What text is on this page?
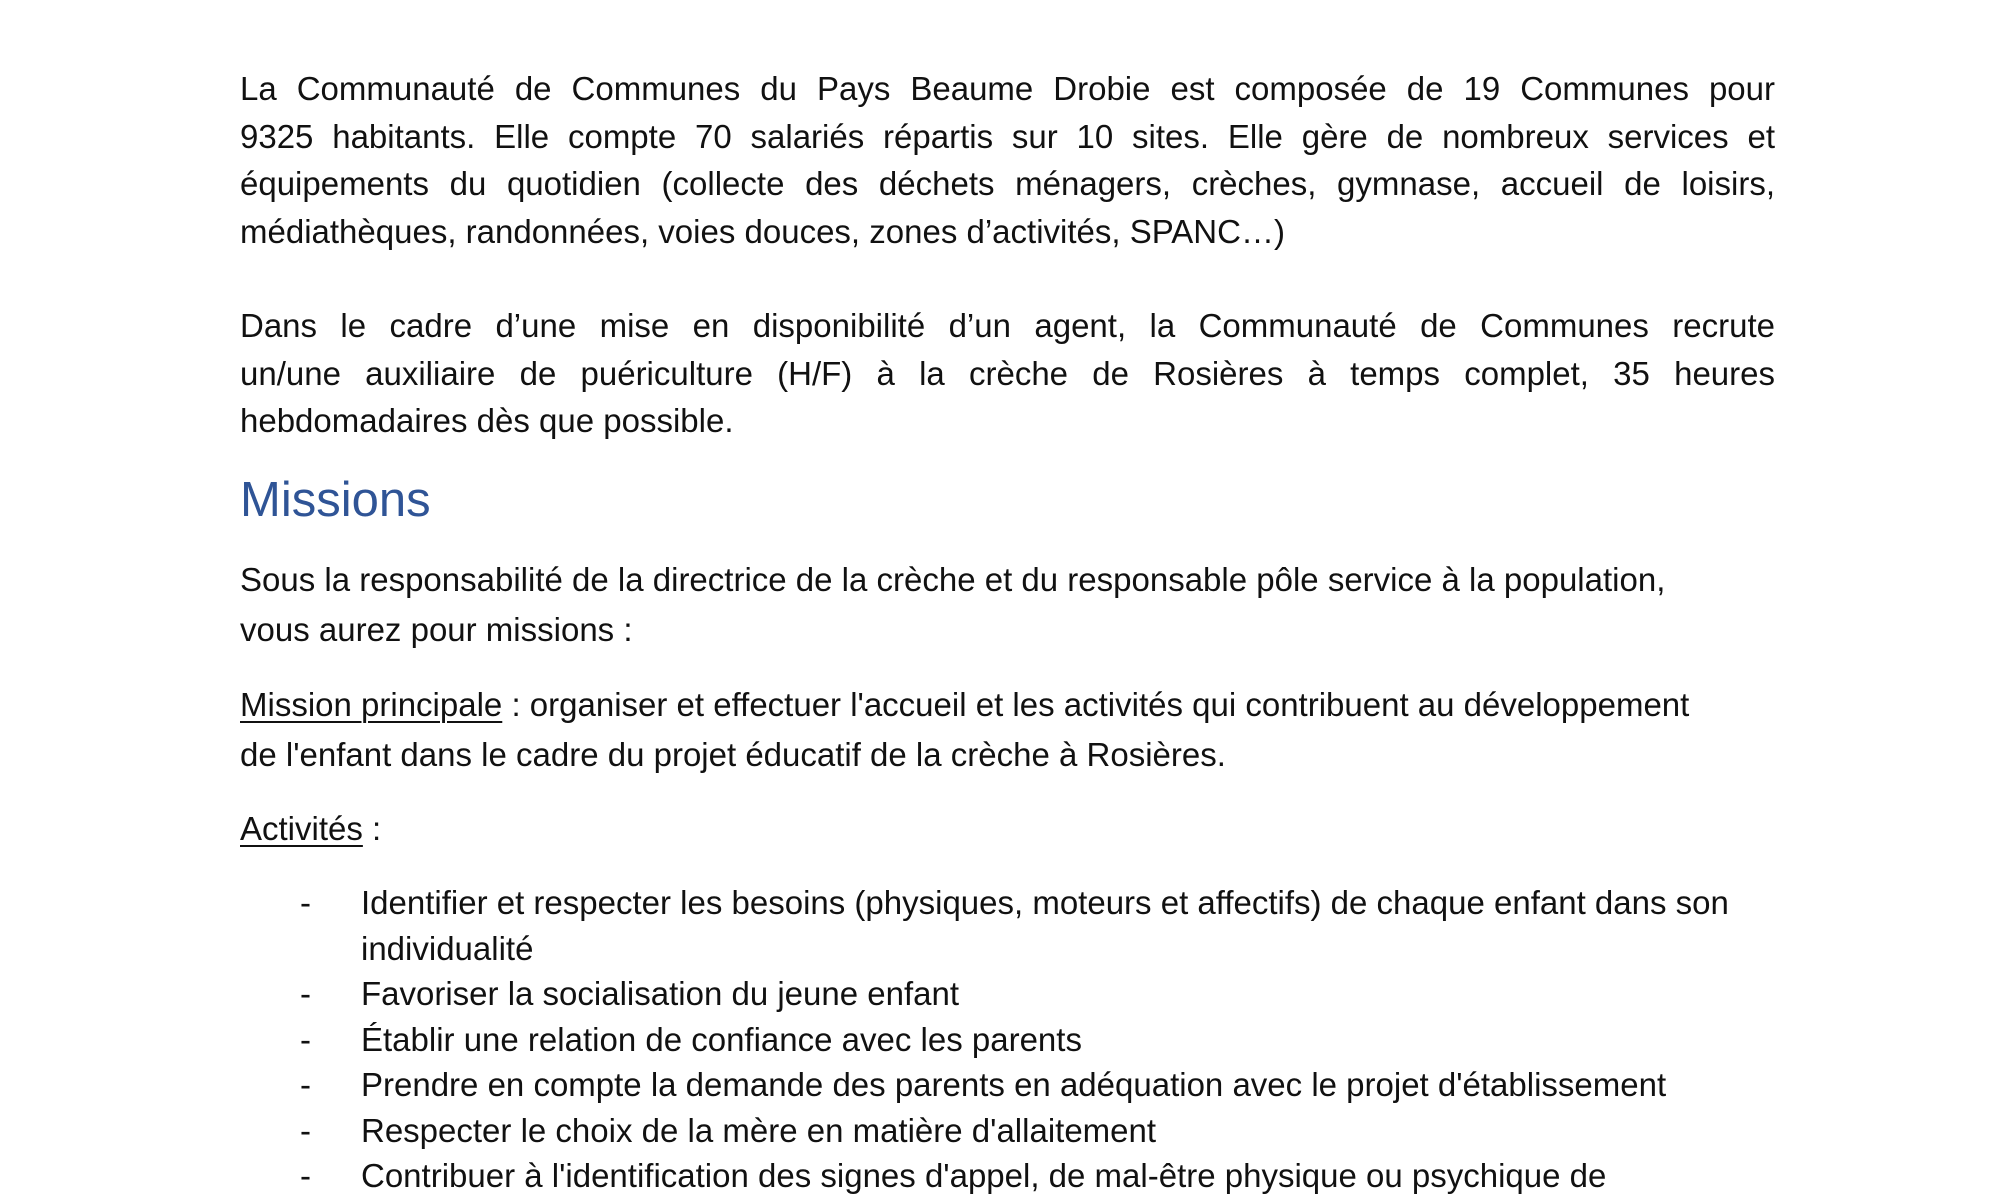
La Communauté de Communes du Pays Beaume Drobie est composée de 19 Communes pour
9325 habitants. Elle compte 70 salariés répartis sur 10 sites. Elle gère de nombreux services et
équipements du quotidien (collecte des déchets ménagers, crèches, gymnase, accueil de loisirs,
médiathèques, randonnées, voies douces, zones d’activités, SPANC…)
Dans le cadre d’une mise en disponibilité d’un agent, la Communauté de Communes recrute
un/une auxiliaire de puériculture (H/F) à la crèche de Rosières à temps complet, 35 heures
hebdomadaires dès que possible.
Missions
Sous la responsabilité de la directrice de la crèche et du responsable pôle service à la population,
vous aurez pour missions :
Mission principale : organiser et effectuer l'accueil et les activités qui contribuent au développement
de l'enfant dans le cadre du projet éducatif de la crèche à Rosières.
Activités :
- Identifier et respecter les besoins (physiques, moteurs et affectifs) de chaque enfant dans son individualité
- Favoriser la socialisation du jeune enfant
- Établir une relation de confiance avec les parents
- Prendre en compte la demande des parents en adéquation avec le projet d'établissement
- Respecter le choix de la mère en matière d'allaitement
- Contribuer à l'identification des signes d'appel, de mal-être physique ou psychique de
